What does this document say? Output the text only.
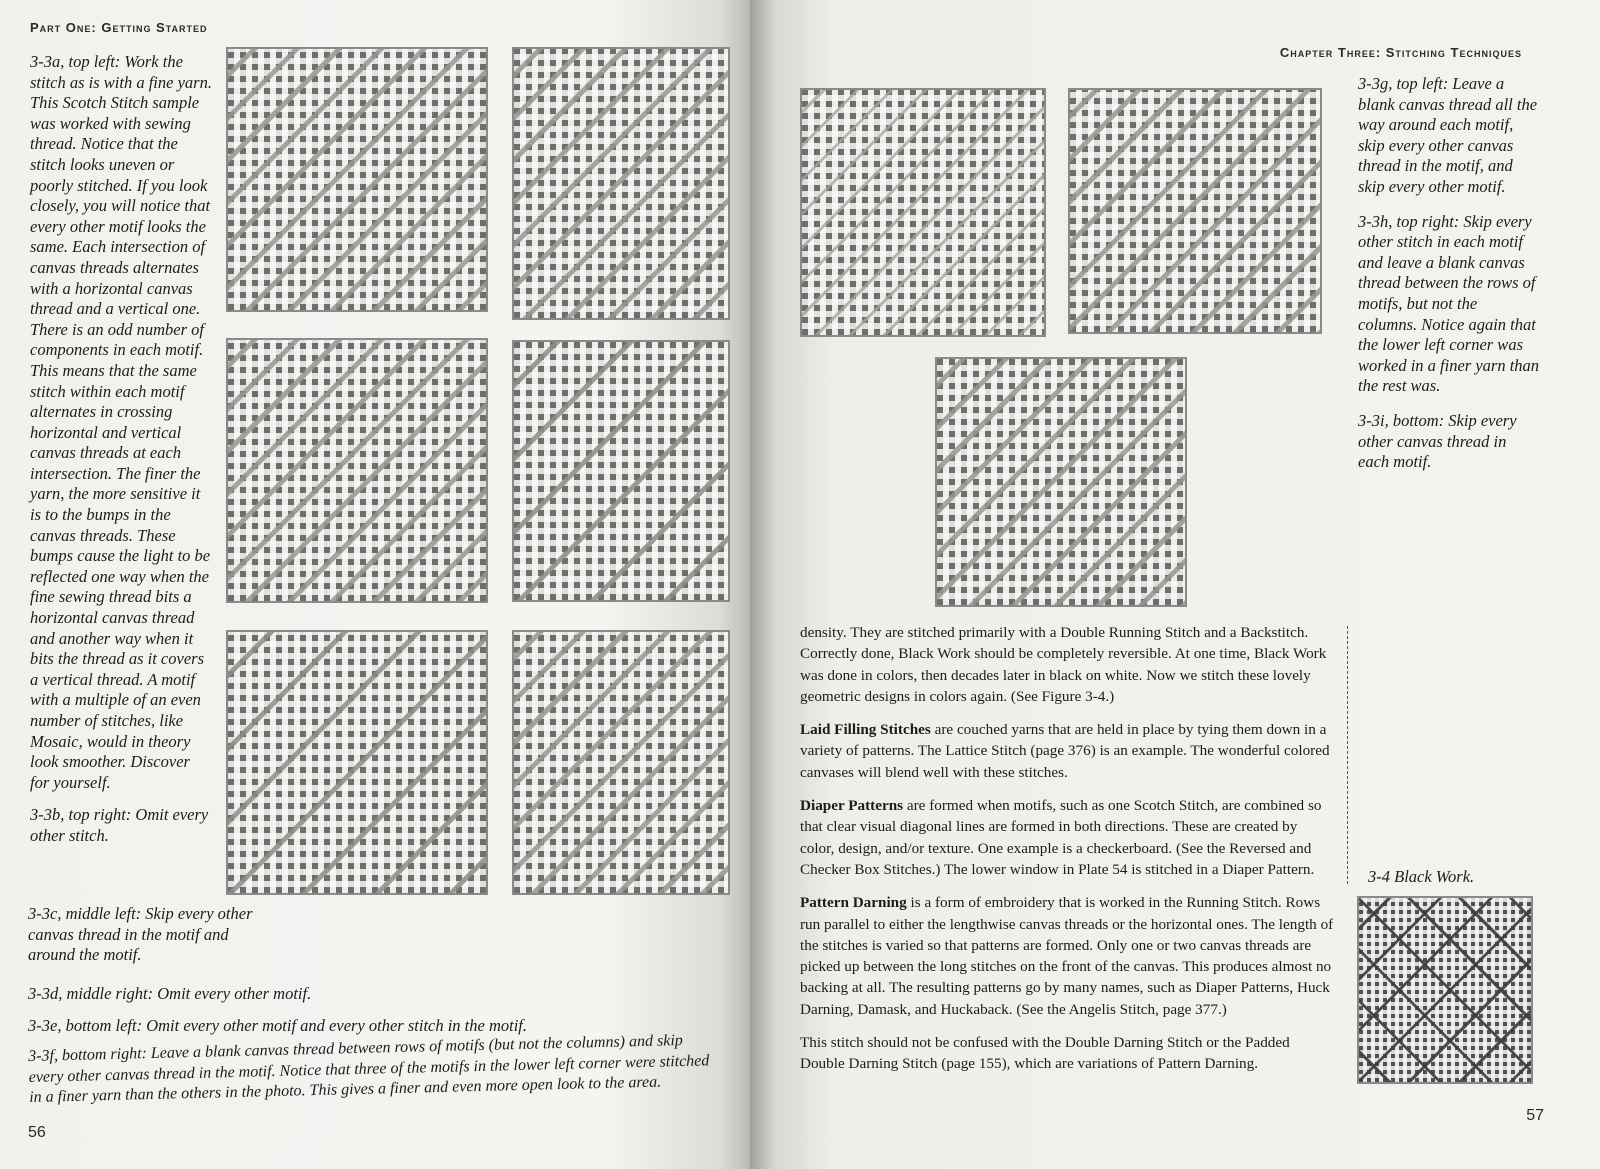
Part One: Getting Started

3-3a, top left: Work the stitch as is with a fine yarn. This Scotch Stitch sample was worked with sewing thread. Notice that the stitch looks uneven or poorly stitched. If you look closely, you will notice that every other motif looks the same. Each intersection of canvas threads alternates with a horizontal canvas thread and a vertical one. There is an odd number of components in each motif. This means that the same stitch within each motif alternates in crossing horizontal and vertical canvas threads at each intersection. The finer the yarn, the more sensitive it is to the bumps in the canvas threads. These bumps cause the light to be reflected one way when the fine sewing thread bits a horizontal canvas thread and another way when it bits the thread as it covers a vertical thread. A motif with a multiple of an even number of stitches, like Mosaic, would in theory look smoother. Discover for yourself.

3-3b, top right: Omit every other stitch.

3-3c, middle left: Skip every other canvas thread in the motif and around the motif.

3-3d, middle right: Omit every other motif.

3-3e, bottom left: Omit every other motif and every other stitch in the motif.

3-3f, bottom right: Leave a blank canvas thread between rows of motifs (but not the columns) and skip every other canvas thread in the motif. Notice that three of the motifs in the lower left corner were stitched in a finer yarn than the others in the photo. This gives a finer and even more open look to the area.

56
Chapter Three: Stitching Techniques
57

3-3g, top left: Leave a blank canvas thread all the way around each motif, skip every other canvas thread in the motif, and skip every other motif.

3-3h, top right: Skip every other stitch in each motif and leave a blank canvas thread between the rows of motifs, but not the columns. Notice again that the lower left corner was worked in a finer yarn than the rest was.

3-3i, bottom: Skip every other canvas thread in each motif.

density. They are stitched primarily with a Double Running Stitch and a Backstitch. Correctly done, Black Work should be completely reversible. At one time, Black Work was done in colors, then decades later in black on white. Now we stitch these lovely geometric designs in colors again. (See Figure 3-4.)

Laid Filling Stitches are couched yarns that are held in place by tying them down in a variety of patterns. The Lattice Stitch (page 376) is an example. The wonderful colored canvases will blend well with these stitches.

Diaper Patterns are formed when motifs, such as one Scotch Stitch, are combined so that clear visual diagonal lines are formed in both directions. These are created by color, design, and/or texture. One example is a checkerboard. (See the Reversed and Checker Box Stitches.) The lower window in Plate 54 is stitched in a Diaper Pattern.

Pattern Darning is a form of embroidery that is worked in the Running Stitch. Rows run parallel to either the lengthwise canvas threads or the horizontal ones. The length of the stitches is varied so that patterns are formed. Only one or two canvas threads are picked up between the long stitches on the front of the canvas. This produces almost no backing at all. The resulting patterns go by many names, such as Diaper Patterns, Huck Darning, Damask, and Huckaback. (See the Angelis Stitch, page 377.)

This stitch should not be confused with the Double Darning Stitch or the Padded Double Darning Stitch (page 155), which are variations of Pattern Darning.

3-4 Black Work.
